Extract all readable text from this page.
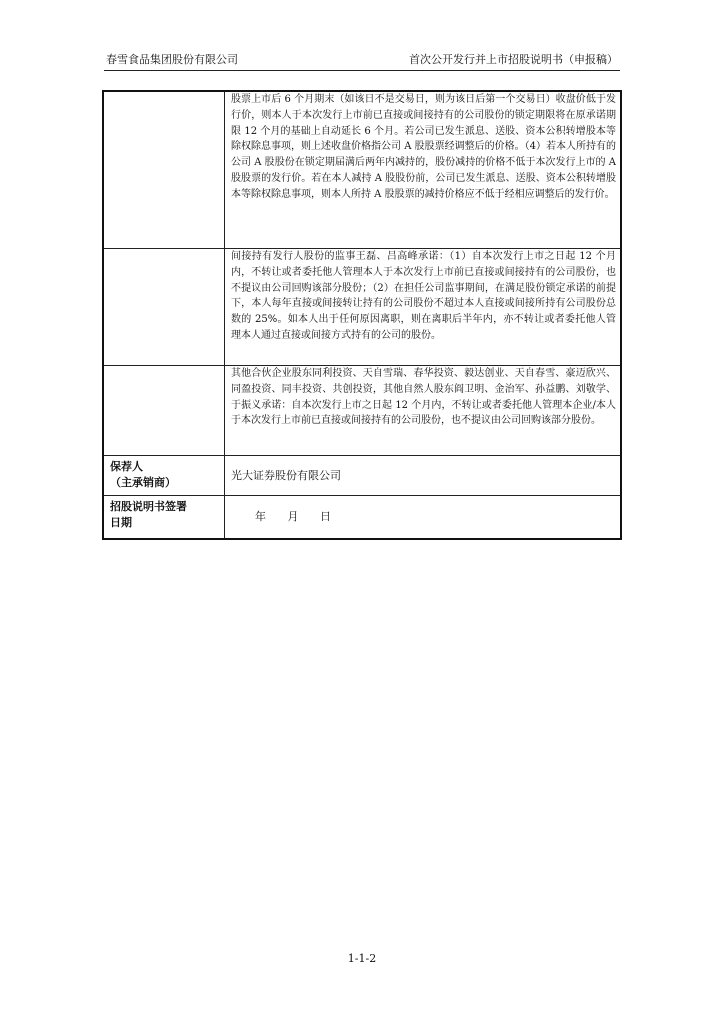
春雪食品集团股份有限公司	首次公开发行并上市招股说明书（申报稿）
	股票上市后 6 个月期末（如该日不是交易日，则为该日后第一个交易日）收盘价低于发行价，则本人于本次发行上市前已直接或间接持有的公司股份的锁定期限将在原承诺期限 12 个月的基础上自动延长 6 个月。若公司已发生派息、送股、资本公积转增股本等除权除息事项，则上述收盘价格指公司 A 股股票经调整后的价格。（4）若本人所持有的公司 A 股股份在锁定期届满后两年内减持的，股份减持的价格不低于本次发行上市的 A 股股票的发行价。若在本人减持 A 股股份前，公司已发生派息、送股、资本公积转增股本等除权除息事项，则本人所持 A 股股票的减持价格应不低于经相应调整后的发行价。
	间接持有发行人股份的监事王磊、吕高峰承诺：（1）自本次发行上市之日起 12 个月内，不转让或者委托他人管理本人于本次发行上市前已直接或间接持有的公司股份，也不提议由公司回购该部分股份；（2）在担任公司监事期间，在满足股份锁定承诺的前提下，本人每年直接或间接转让持有的公司股份不超过本人直接或间接所持有公司股份总数的 25%。如本人出于任何原因离职，则在离职后半年内，亦不转让或者委托他人管理本人通过直接或间接方式持有的公司的股份。
	其他合伙企业股东同利投资、天自雪瑞、春华投资、毅达创业、天自春雪、豪迈欣兴、同盈投资、同丰投资、共创投资，其他自然人股东阎卫明、金治军、孙益鹏、刘敬学、于振义承诺：自本次发行上市之日起 12 个月内，不转让或者委托他人管理本企业/本人于本次发行上市前已直接或间接持有的公司股份，也不提议由公司回购该部分股份。

保荐人
（主承销商）	光大证券股份有限公司

招股说明书签署
日期	年 月 日
1-1-2
